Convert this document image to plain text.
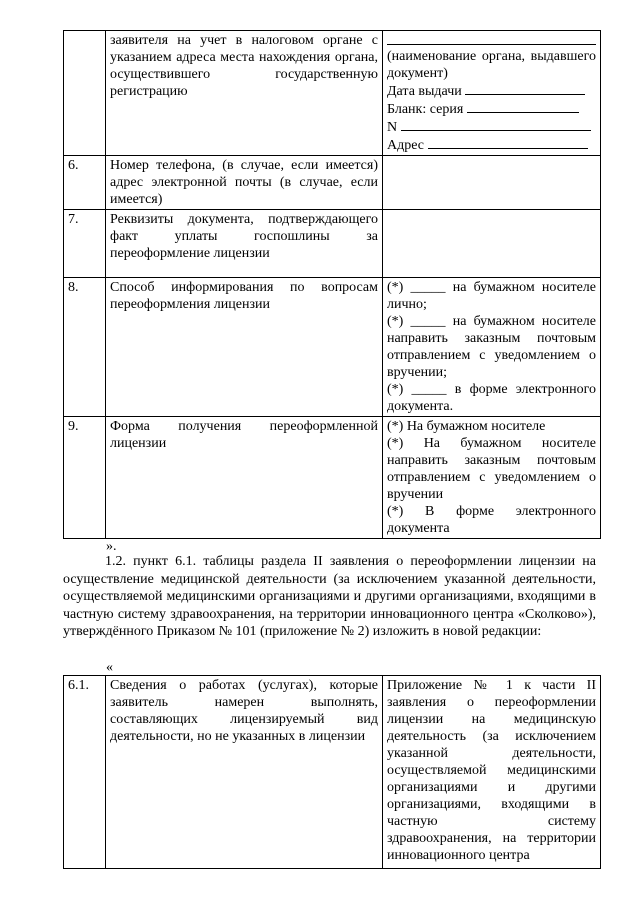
	заявителя на учет в налоговом органе с указанием адреса места нахождения органа, осуществившего государственную регистрацию	(наименование органа, выдавшего документ)
Дата выдачи
Бланк: серия
N
Адрес

6.	Номер телефона, (в случае, если имеется) адрес электронной почты (в случае, если имеется)	
7.	Реквизиты документа, подтверждающего факт уплаты госпошлины за переоформление лицензии	
8.	Способ информирования по вопросам переоформления лицензии	(*) _____ на бумажном носителе лично;

(*) _____ на бумажном носителе направить заказным почтовым отправлением с уведомлением о вручении;

(*) _____ в форме электронного документа.

9.	Форма получения переоформленной лицензии	(*) На бумажном носителе

(*) На бумажном носителе направить заказным почтовым отправлением с уведомлением о вручении

(*) В форме электронного документа

».
1.2. пункт 6.1. таблицы раздела II заявления о переоформлении лицензии на осуществление медицинской деятельности (за исключением указанной деятельности, осуществляемой медицинскими организациями и другими организациями, входящими в частную систему здравоохранения, на территории инновационного центра «Сколково»), утверждённого Приказом № 101 (приложение № 2) изложить в новой редакции:
«
6.1.	Сведения о работах (услугах), которые заявитель намерен выполнять, составляющих лицензируемый вид деятельности, но не указанных в лицензии	Приложение № 1 к части II заявления о переоформлении лицензии на медицинскую деятельность (за исключением указанной деятельности, осуществляемой медицинскими организациями и другими организациями, входящими в частную систему здравоохранения, на территории инновационного центра
